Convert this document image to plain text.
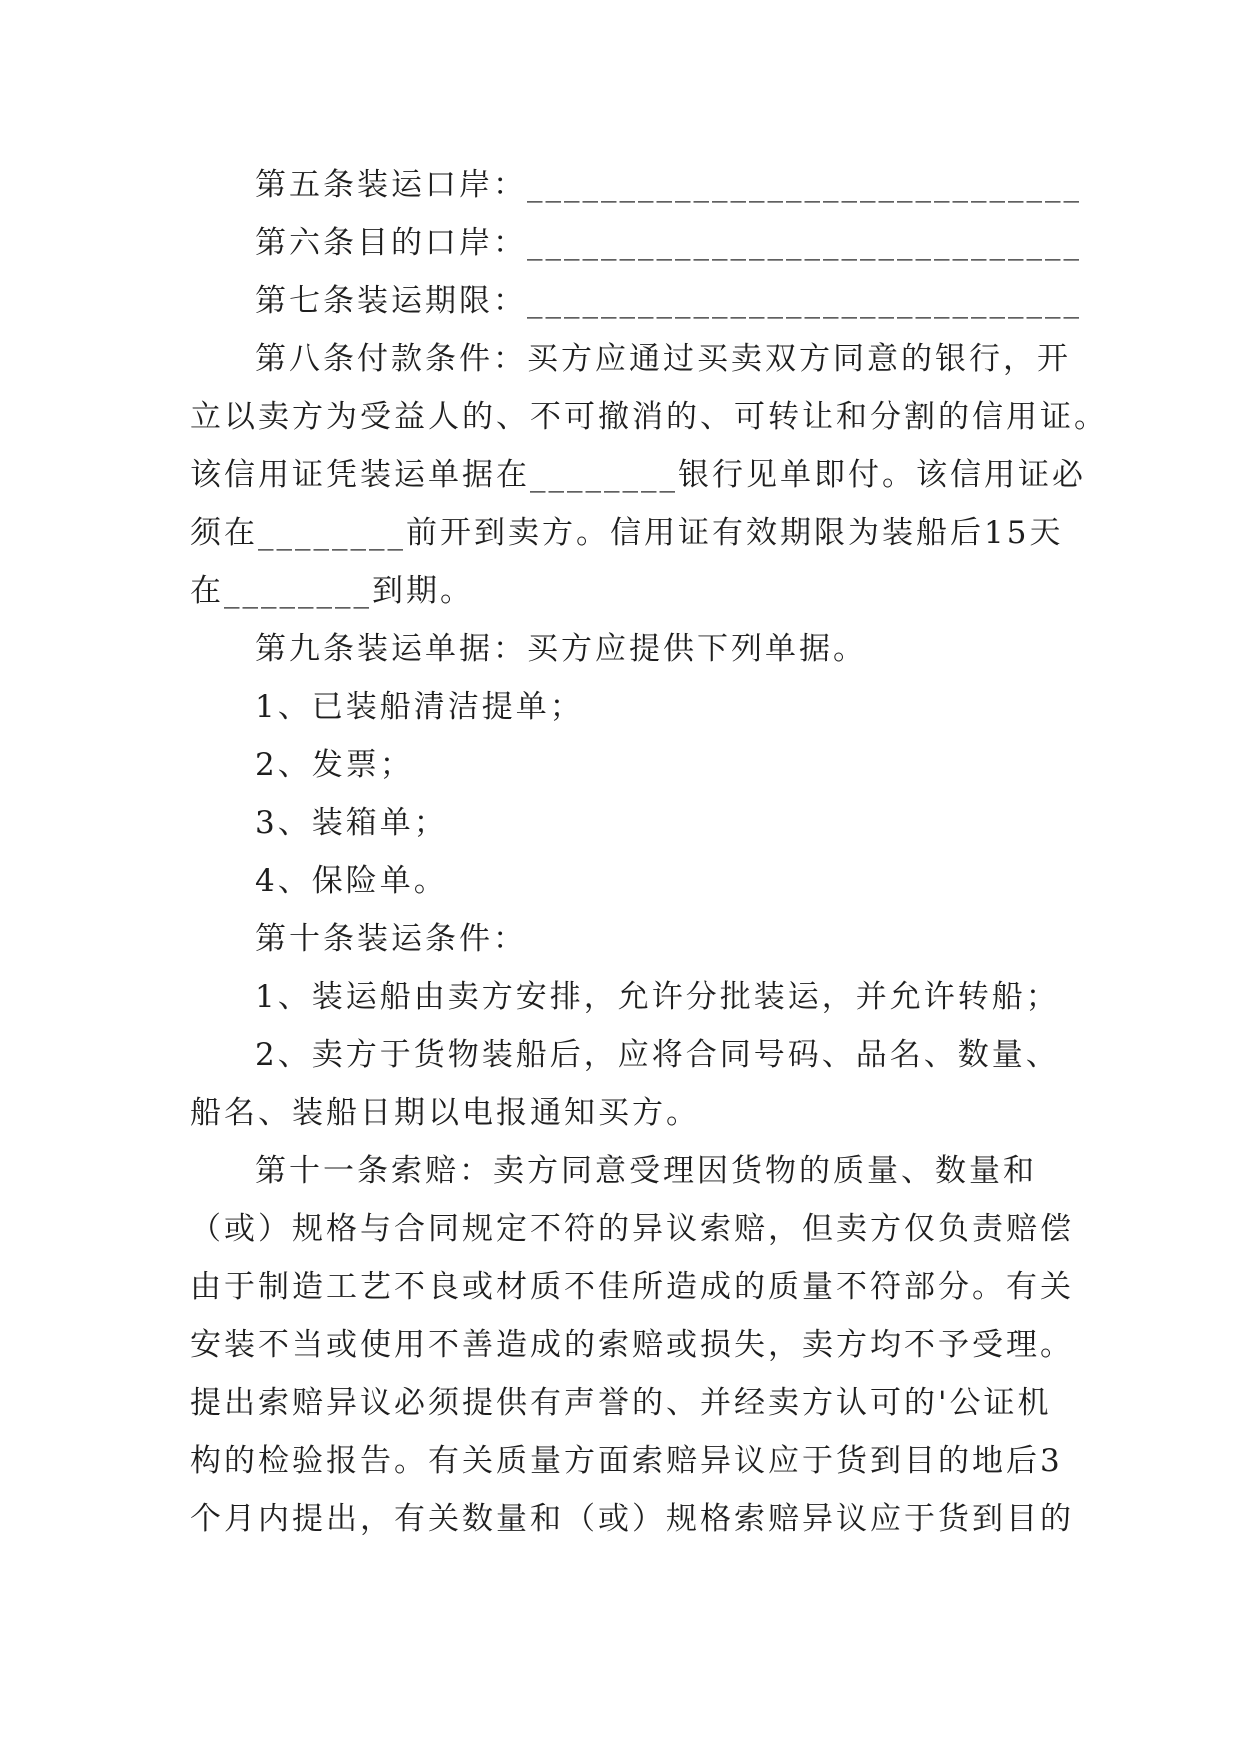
第五条装运口岸：______________________________
第六条目的口岸：______________________________
第七条装运期限：______________________________
第八条付款条件：买方应通过买卖双方同意的银行，开
立以卖方为受益人的、不可撤消的、可转让和分割的信用证。
该信用证凭装运单据在________银行见单即付。该信用证必
须在________前开到卖方。信用证有效期限为装船后15天
在________到期。
第九条装运单据：买方应提供下列单据。
1、已装船清洁提单；
2、发票；
3、装箱单；
4、保险单。
第十条装运条件：
1、装运船由卖方安排，允许分批装运，并允许转船；
2、卖方于货物装船后，应将合同号码、品名、数量、
船名、装船日期以电报通知买方。
第十一条索赔：卖方同意受理因货物的质量、数量和
（或）规格与合同规定不符的异议索赔，但卖方仅负责赔偿
由于制造工艺不良或材质不佳所造成的质量不符部分。有关
安装不当或使用不善造成的索赔或损失，卖方均不予受理。
提出索赔异议必须提供有声誉的、并经卖方认可的'公证机
构的检验报告。有关质量方面索赔异议应于货到目的地后3
个月内提出，有关数量和（或）规格索赔异议应于货到目的
